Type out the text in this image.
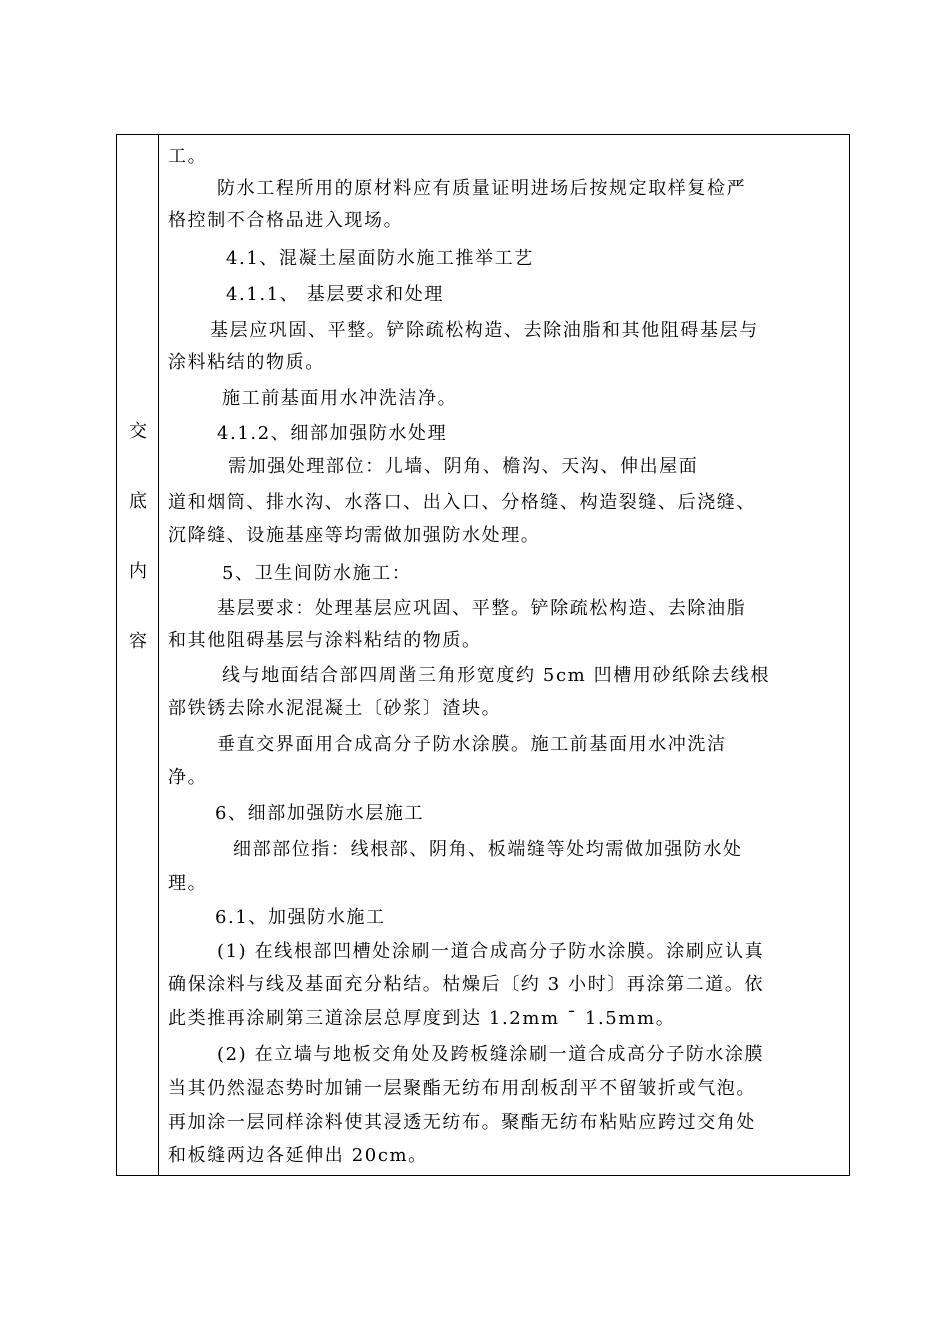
交
底
内
容
工。
防水工程所用的原材料应有质量证明进场后按规定取样复检严
格控制不合格品进入现场。
4.1、混凝土屋面防水施工推举工艺
4.1.1、 基层要求和处理
基层应巩固、平整。铲除疏松构造、去除油脂和其他阻碍基层与
涂料粘结的物质。
施工前基面用水冲洗洁净。
4.1.2、细部加强防水处理
需加强处理部位：儿墙、阴角、檐沟、天沟、伸出屋面
道和烟筒、排水沟、水落口、出入口、分格缝、构造裂缝、后浇缝、
沉降缝、设施基座等均需做加强防水处理。
5、卫生间防水施工：
基层要求：处理基层应巩固、平整。铲除疏松构造、去除油脂
和其他阻碍基层与涂料粘结的物质。
线与地面结合部四周凿三角形宽度约 5cm 凹槽用砂纸除去线根
部铁锈去除水泥混凝土〔砂浆〕渣块。
垂直交界面用合成高分子防水涂膜。施工前基面用水冲洗洁
净。
6、细部加强防水层施工
细部部位指：线根部、阴角、板端缝等处均需做加强防水处
理。
6.1、加强防水施工
(1) 在线根部凹槽处涂刷一道合成高分子防水涂膜。涂刷应认真
确保涂料与线及基面充分粘结。枯燥后〔约 3 小时〕再涂第二道。依
此类推再涂刷第三道涂层总厚度到达 1.2mm ¯ 1.5mm。
(2) 在立墙与地板交角处及跨板缝涂刷一道合成高分子防水涂膜
当其仍然湿态势时加铺一层聚酯无纺布用刮板刮平不留皱折或气泡。
再加涂一层同样涂料使其浸透无纺布。聚酯无纺布粘贴应跨过交角处
和板缝两边各延伸出 20cm。
